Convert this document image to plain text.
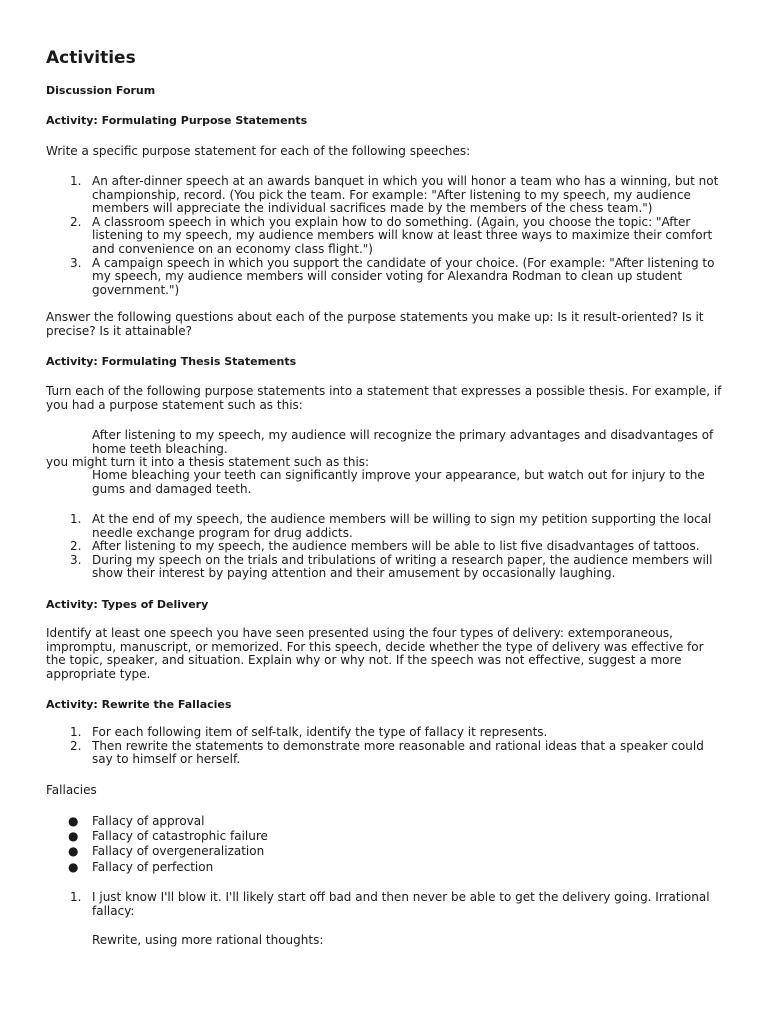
Activities

Discussion Forum

Activity: Formulating Purpose Statements

Write a specific purpose statement for each of the following speeches:

1. An after-dinner speech at an awards banquet in which you will honor a team who has a winning, but not championship, record. (You pick the team. For example: "After listening to my speech, my audience members will appreciate the individual sacrifices made by the members of the chess team.")
2. A classroom speech in which you explain how to do something. (Again, you choose the topic: "After listening to my speech, my audience members will know at least three ways to maximize their comfort and convenience on an economy class flight.")
3. A campaign speech in which you support the candidate of your choice. (For example: "After listening to my speech, my audience members will consider voting for Alexandra Rodman to clean up student government.")

Answer the following questions about each of the purpose statements you make up: Is it result-oriented? Is it precise? Is it attainable?

Activity: Formulating Thesis Statements

Turn each of the following purpose statements into a statement that expresses a possible thesis. For example, if you had a purpose statement such as this:

After listening to my speech, my audience will recognize the primary advantages and disadvantages of home teeth bleaching.

you might turn it into a thesis statement such as this:

Home bleaching your teeth can significantly improve your appearance, but watch out for injury to the gums and damaged teeth.

1. At the end of my speech, the audience members will be willing to sign my petition supporting the local needle exchange program for drug addicts.
2. After listening to my speech, the audience members will be able to list five disadvantages of tattoos.
3. During my speech on the trials and tribulations of writing a research paper, the audience members will show their interest by paying attention and their amusement by occasionally laughing.

Activity: Types of Delivery

Identify at least one speech you have seen presented using the four types of delivery: extemporaneous, impromptu, manuscript, or memorized. For this speech, decide whether the type of delivery was effective for the topic, speaker, and situation. Explain why or why not. If the speech was not effective, suggest a more appropriate type.

Activity: Rewrite the Fallacies

1. For each following item of self-talk, identify the type of fallacy it represents.
2. Then rewrite the statements to demonstrate more reasonable and rational ideas that a speaker could say to himself or herself.

Fallacies

● Fallacy of approval
● Fallacy of catastrophic failure
● Fallacy of overgeneralization
● Fallacy of perfection
1. I just know I'll blow it. I'll likely start off bad and then never be able to get the delivery going. Irrational fallacy:

Rewrite, using more rational thoughts:
